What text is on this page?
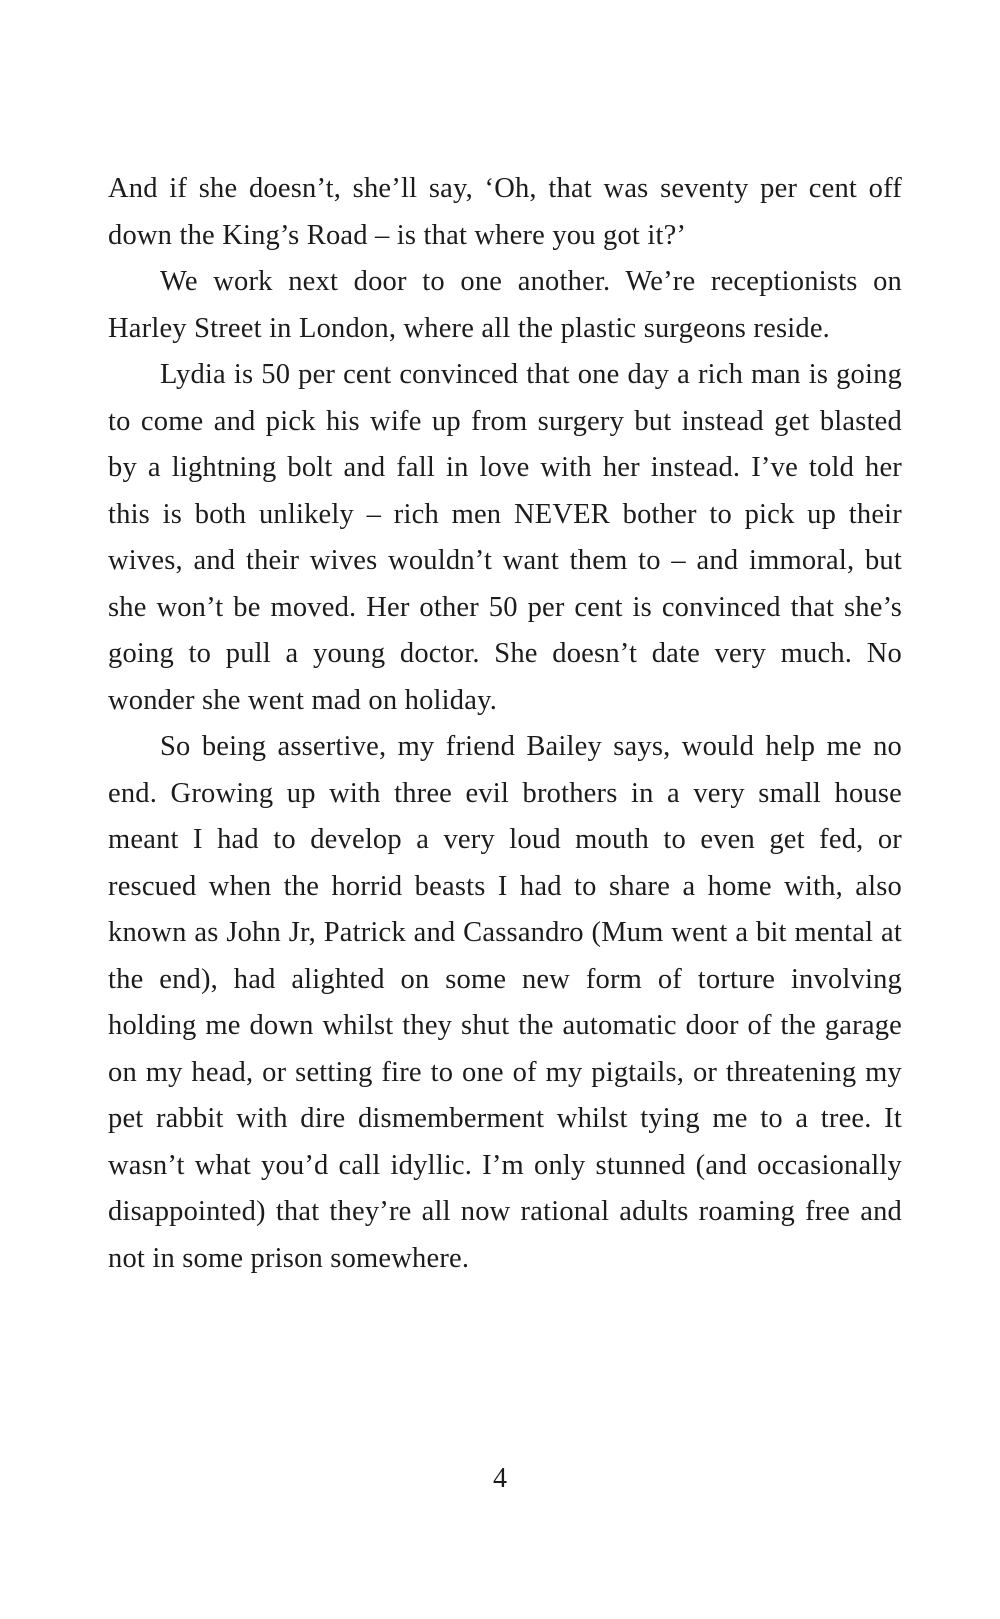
And if she doesn’t, she’ll say, ‘Oh, that was seventy per cent off down the King’s Road – is that where you got it?’

We work next door to one another. We’re receptionists on Harley Street in London, where all the plastic surgeons reside.

Lydia is 50 per cent convinced that one day a rich man is going to come and pick his wife up from surgery but instead get blasted by a lightning bolt and fall in love with her instead. I’ve told her this is both unlikely – rich men NEVER bother to pick up their wives, and their wives wouldn’t want them to – and immoral, but she won’t be moved. Her other 50 per cent is convinced that she’s going to pull a young doctor. She doesn’t date very much. No wonder she went mad on holiday.

So being assertive, my friend Bailey says, would help me no end. Growing up with three evil brothers in a very small house meant I had to develop a very loud mouth to even get fed, or rescued when the horrid beasts I had to share a home with, also known as John Jr, Patrick and Cassandro (Mum went a bit mental at the end), had alighted on some new form of torture involving holding me down whilst they shut the automatic door of the garage on my head, or setting fire to one of my pigtails, or threatening my pet rabbit with dire dismemberment whilst tying me to a tree. It wasn’t what you’d call idyllic. I’m only stunned (and occasionally disappointed) that they’re all now rational adults roaming free and not in some prison somewhere.

4
